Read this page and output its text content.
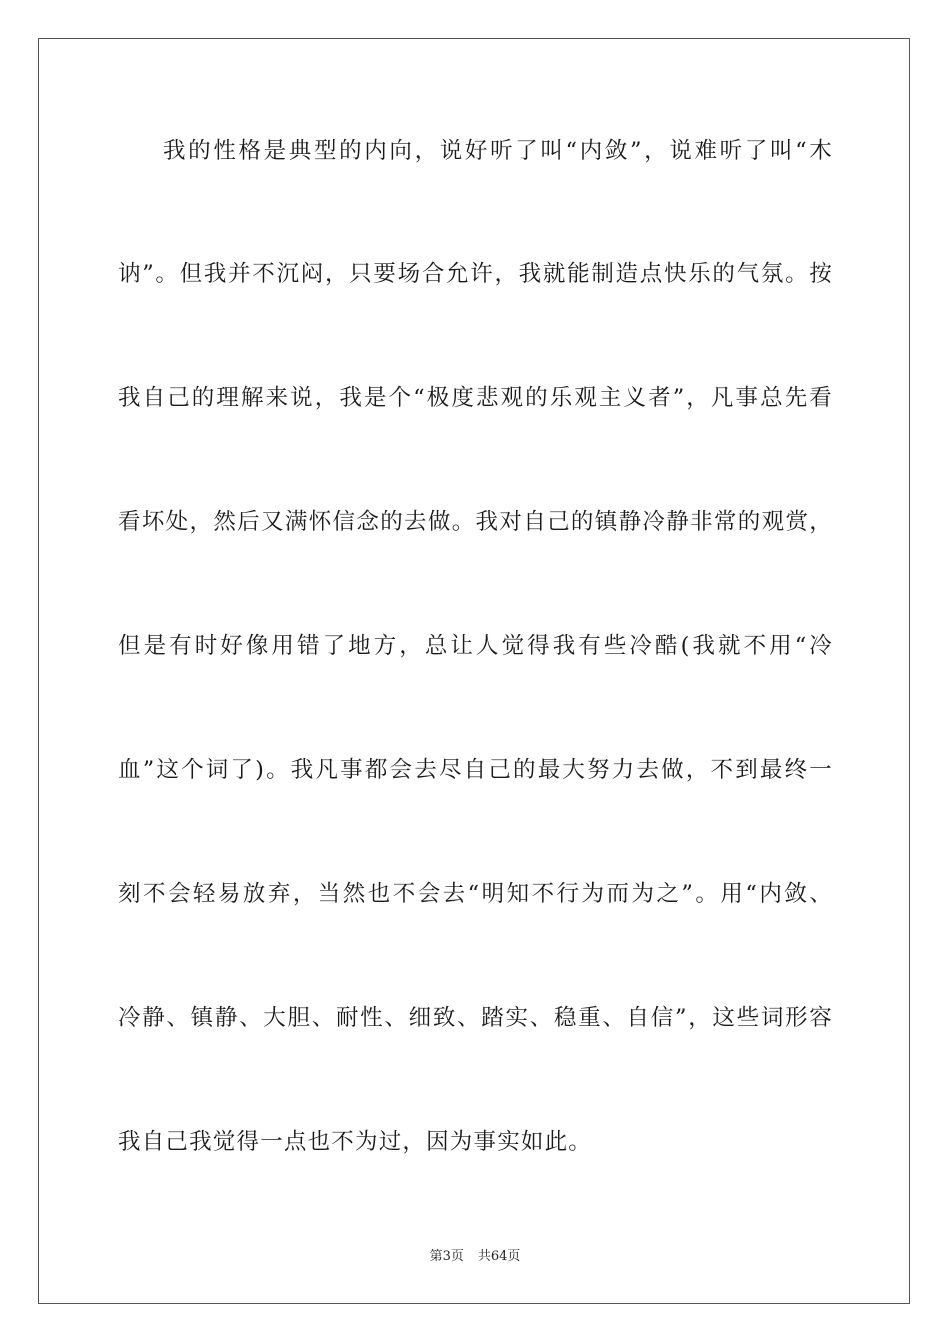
我的性格是典型的内向，说好听了叫“内敛”，说难听了叫“木
讷”。但我并不沉闷，只要场合允许，我就能制造点快乐的气氛。按
我自己的理解来说，我是个“极度悲观的乐观主义者”，凡事总先看
看坏处，然后又满怀信念的去做。我对自己的镇静冷静非常的观赏，
但是有时好像用错了地方，总让人觉得我有些冷酷(我就不用“冷
血”这个词了)。我凡事都会去尽自己的最大努力去做，不到最终一
刻不会轻易放弃，当然也不会去“明知不行为而为之”。用“内敛、
冷静、镇静、大胆、耐性、细致、踏实、稳重、自信”，这些词形容
我自己我觉得一点也不为过，因为事实如此。
第3页 共64页
